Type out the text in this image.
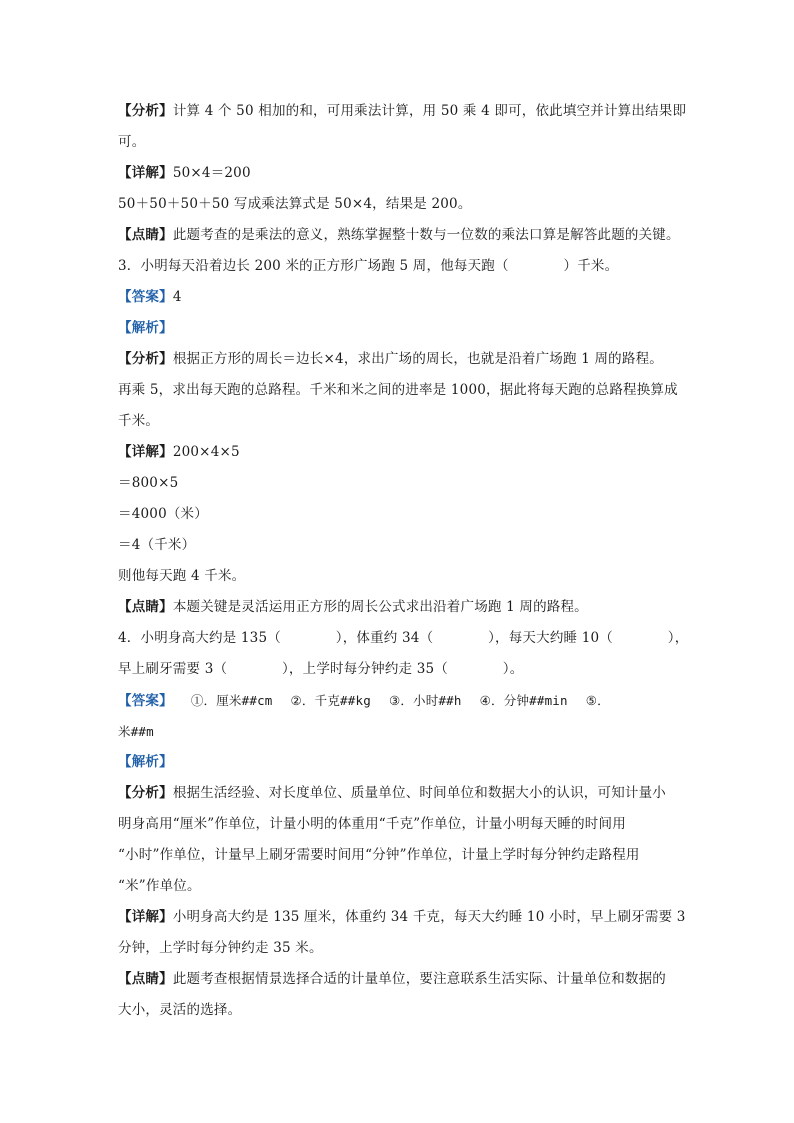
【分析】计算 4 个 50 相加的和，可用乘法计算，用 50 乘 4 即可，依此填空并计算出结果即
可。
【详解】50×4＝200
50＋50＋50＋50 写成乘法算式是 50×4，结果是 200。
【点睛】此题考查的是乘法的意义，熟练掌握整十数与一位数的乘法口算是解答此题的关键。
3．小明每天沿着边长 200 米的正方形广场跑 5 周，他每天跑（　　　　）千米。
【答案】4
【解析】
【分析】根据正方形的周长＝边长×4，求出广场的周长，也就是沿着广场跑 1 周的路程。
再乘 5，求出每天跑的总路程。千米和米之间的进率是 1000，据此将每天跑的总路程换算成
千米。
【详解】200×4×5
＝800×5
＝4000（米）
＝4（千米）
则他每天跑 4 千米。
【点睛】本题关键是灵活运用正方形的周长公式求出沿着广场跑 1 周的路程。
4．小明身高大约是 135（　　　　），体重约 34（　　　　），每天大约睡 10（　　　　），
早上刷牙需要 3（　　　　），上学时每分钟约走 35（　　　　）。
【答案】 ①．厘米##cm ②．千克##kg ③．小时##h ④．分钟##min ⑤．
米##m
【解析】
【分析】根据生活经验、对长度单位、质量单位、时间单位和数据大小的认识，可知计量小
明身高用“厘米”作单位，计量小明的体重用“千克”作单位，计量小明每天睡的时间用
“小时”作单位，计量早上刷牙需要时间用“分钟”作单位，计量上学时每分钟约走路程用
“米”作单位。
【详解】小明身高大约是 135 厘米，体重约 34 千克，每天大约睡 10 小时，早上刷牙需要 3
分钟，上学时每分钟约走 35 米。
【点睛】此题考查根据情景选择合适的计量单位，要注意联系生活实际、计量单位和数据的
大小，灵活的选择。
